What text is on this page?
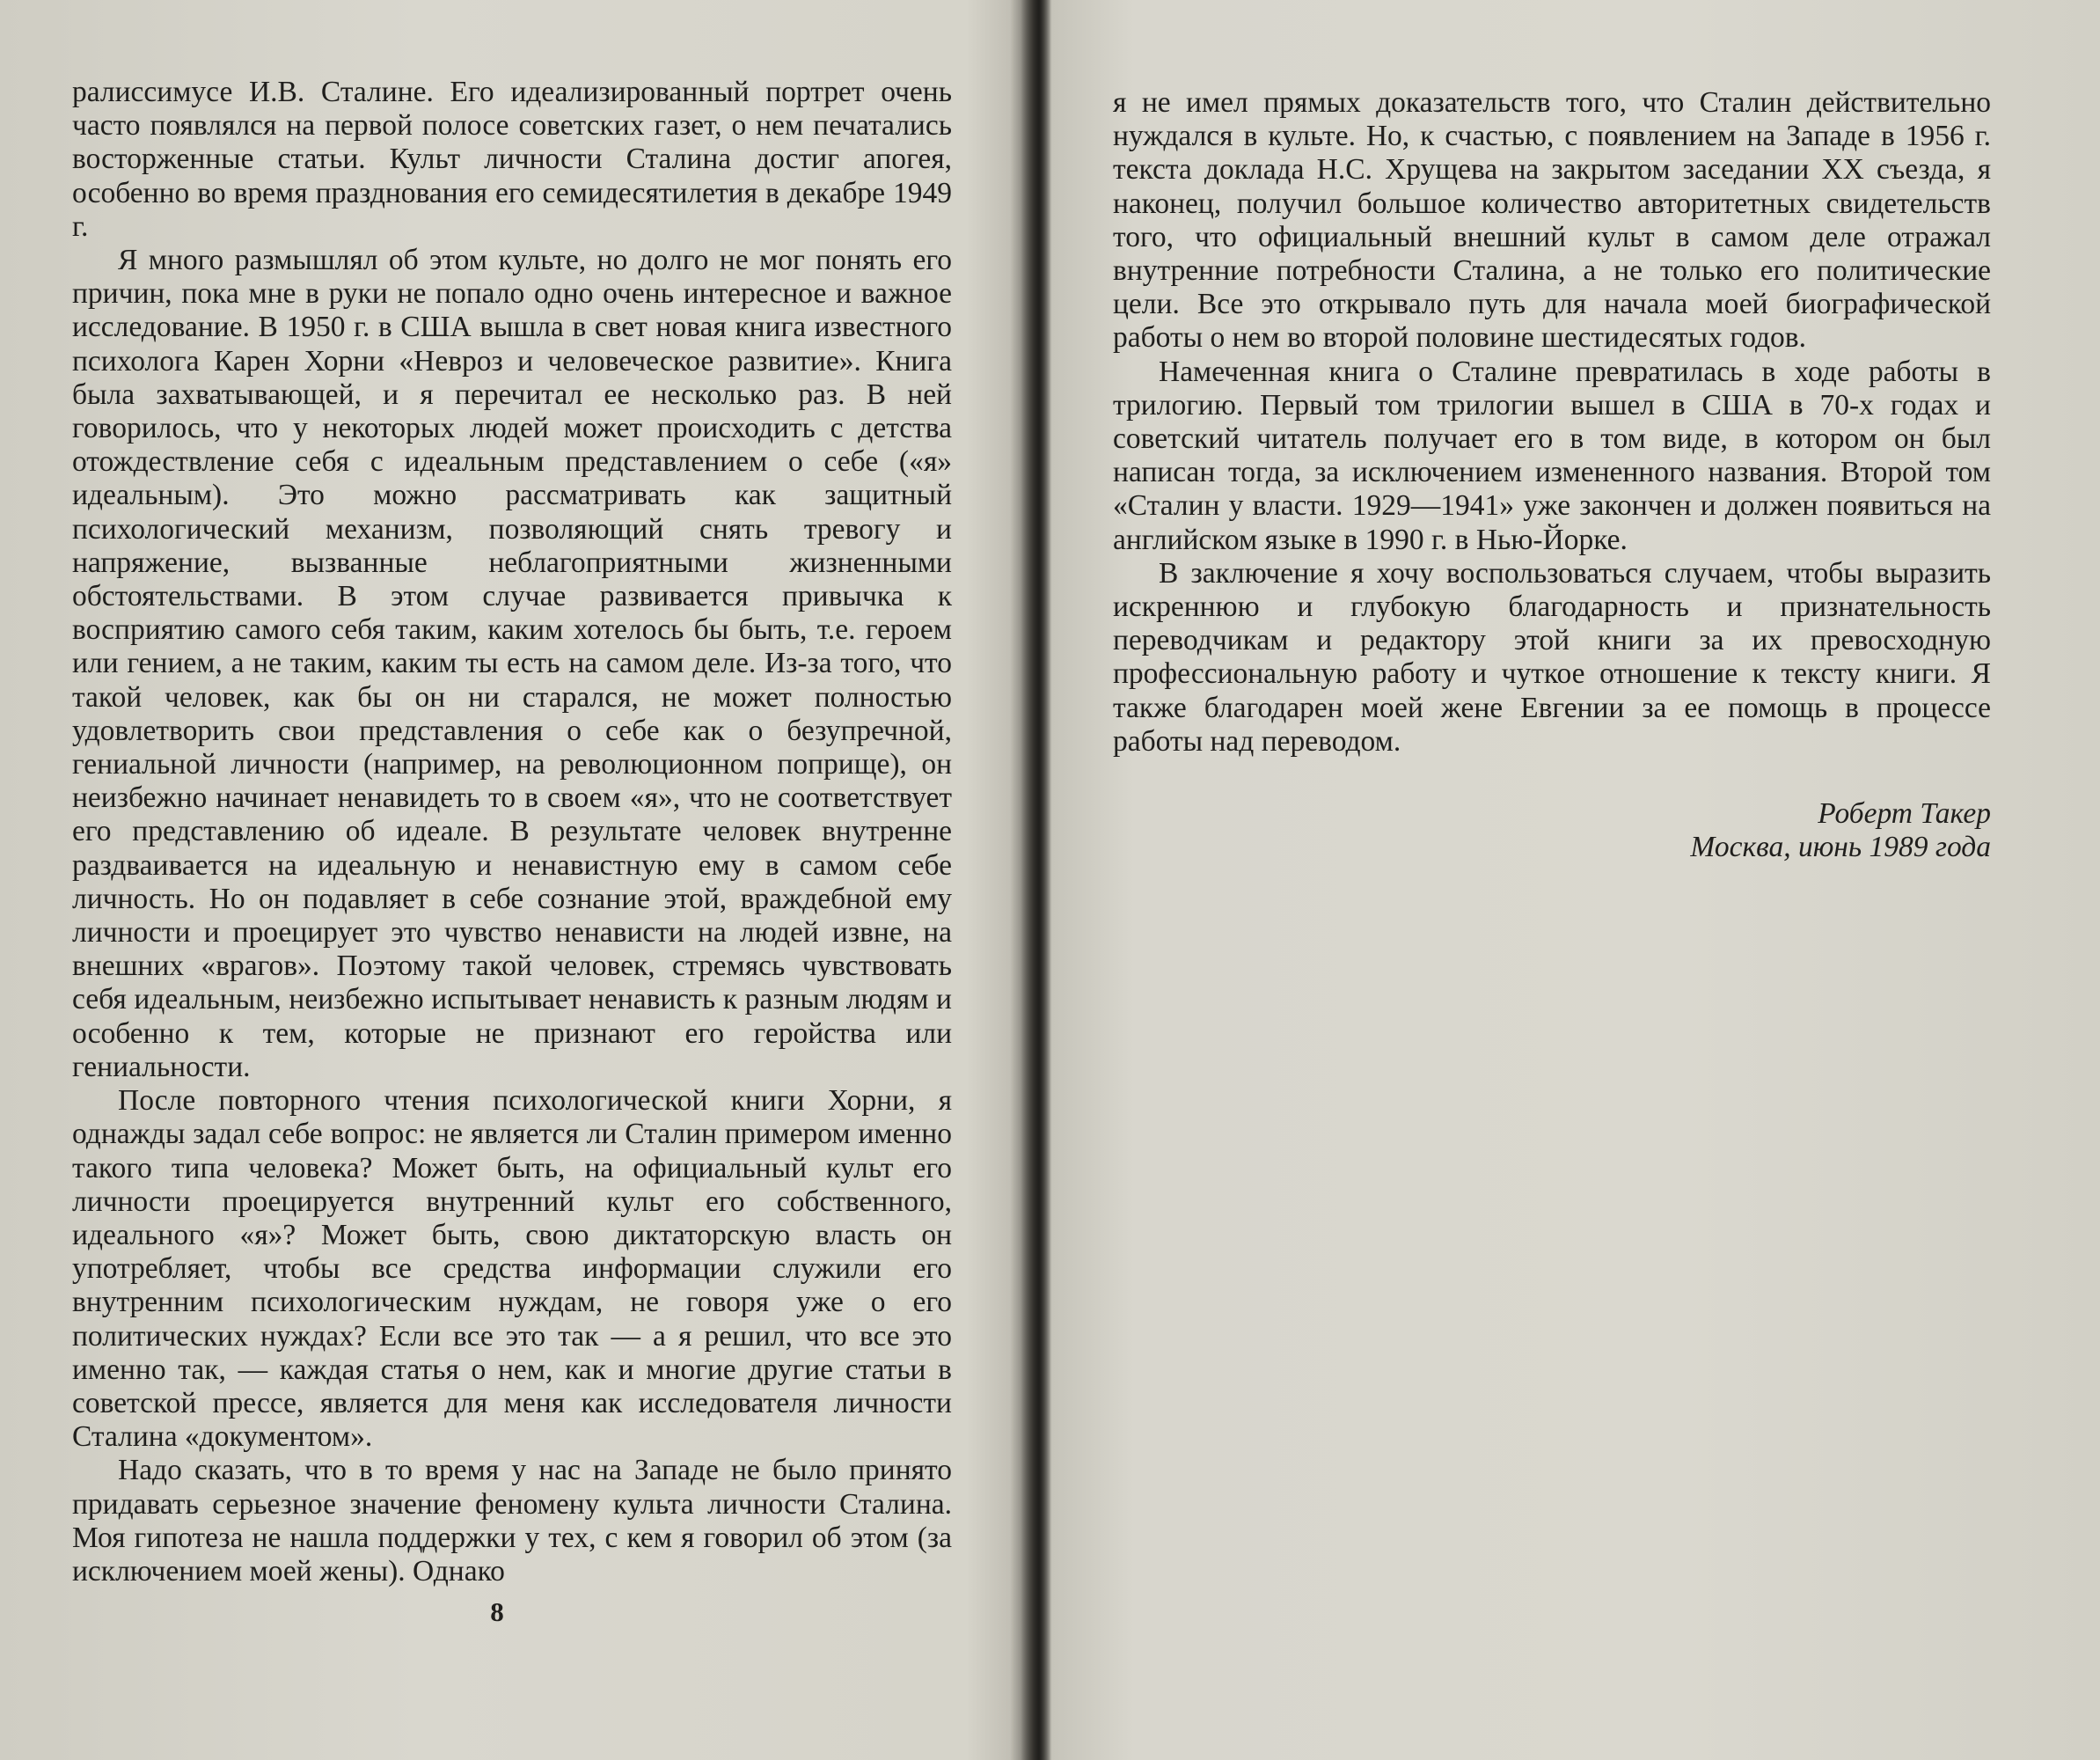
ралиссимусе И.В. Сталине. Его идеализированный портрет очень часто появлялся на первой полосе советских газет, о нем печатались восторженные статьи. Культ личности Сталина достиг апогея, особенно во время празднования его семидесятилетия в декабре 1949 г.

Я много размышлял об этом культе, но долго не мог понять его причин, пока мне в руки не попало одно очень интересное и важное исследование. В 1950 г. в США вышла в свет новая книга известного психолога Карен Хорни «Невроз и человеческое развитие». Книга была захватывающей, и я перечитал ее несколько раз. В ней говорилось, что у некоторых людей может происходить с детства отождествление себя с идеальным представлением о себе («я» идеальным). Это можно рассматривать как защитный психологический механизм, позволяющий снять тревогу и напряжение, вызванные неблагоприятными жизненными обстоятельствами. В этом случае развивается привычка к восприятию самого себя таким, каким хотелось бы быть, т.е. героем или гением, а не таким, каким ты есть на самом деле. Из-за того, что такой человек, как бы он ни старался, не может полностью удовлетворить свои представления о себе как о безупречной, гениальной личности (например, на революционном поприще), он неизбежно начинает ненавидеть то в своем «я», что не соответствует его представлению об идеале. В результате человек внутренне раздваивается на идеальную и ненавистную ему в самом себе личность. Но он подавляет в себе сознание этой, враждебной ему личности и проецирует это чувство ненависти на людей извне, на внешних «врагов». Поэтому такой человек, стремясь чувствовать себя идеальным, неизбежно испытывает ненависть к разным людям и особенно к тем, которые не признают его геройства или гениальности.

После повторного чтения психологической книги Хорни, я однажды задал себе вопрос: не является ли Сталин примером именно такого типа человека? Может быть, на официальный культ его личности проецируется внутренний культ его собственного, идеального «я»? Может быть, свою диктаторскую власть он употребляет, чтобы все средства информации служили его внутренним психологическим нуждам, не говоря уже о его политических нуждах? Если все это так — а я решил, что все это именно так, — каждая статья о нем, как и многие другие статьи в советской прессе, является для меня как исследователя личности Сталина «документом».

Надо сказать, что в то время у нас на Западе не было принято придавать серьезное значение феномену культа личности Сталина. Моя гипотеза не нашла поддержки у тех, с кем я говорил об этом (за исключением моей жены). Однако

8

я не имел прямых доказательств того, что Сталин действительно нуждался в культе. Но, к счастью, с появлением на Западе в 1956 г. текста доклада Н.С. Хрущева на закрытом заседании XX съезда, я наконец, получил большое количество авторитетных свидетельств того, что официальный внешний культ в самом деле отражал внутренние потребности Сталина, а не только его политические цели. Все это открывало путь для начала моей биографической работы о нем во второй половине шестидесятых годов.

Намеченная книга о Сталине превратилась в ходе работы в трилогию. Первый том трилогии вышел в США в 70-х годах и советский читатель получает его в том виде, в котором он был написан тогда, за исключением измененного названия. Второй том «Сталин у власти. 1929—1941» уже закончен и должен появиться на английском языке в 1990 г. в Нью-Йорке.

В заключение я хочу воспользоваться случаем, чтобы выразить искреннюю и глубокую благодарность и признательность переводчикам и редактору этой книги за их превосходную профессиональную работу и чуткое отношение к тексту книги. Я также благодарен моей жене Евгении за ее помощь в процессе работы над переводом.

Роберт Такер
Москва, июнь 1989 года
